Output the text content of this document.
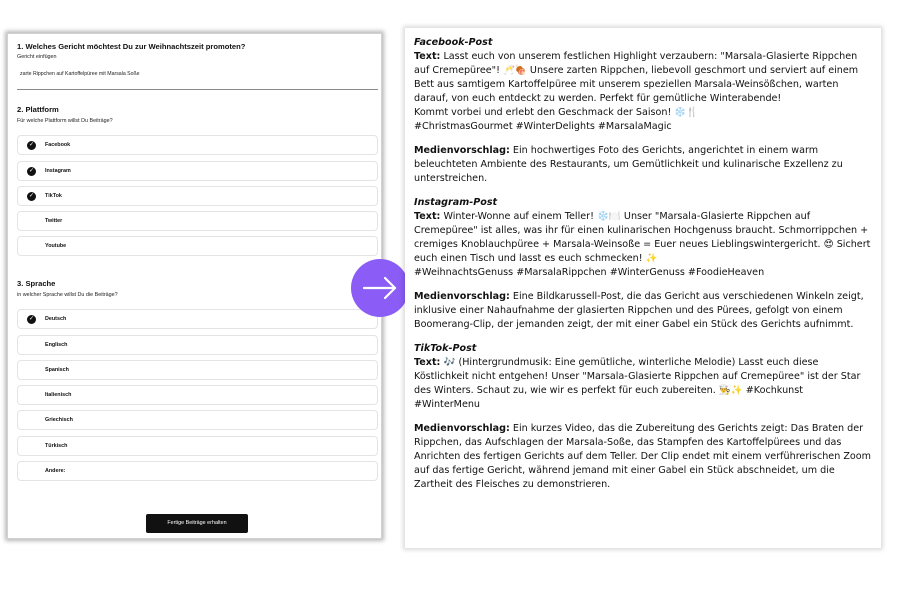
1. Welches Gericht möchtest Du zur Weihnachtszeit promoten?
Gericht einfügen
zarte Rippchen auf Kartoffelpüree mit Marsala Soße
2. Plattform
Für welche Plattform willst Du Beiträge?
✓	Facebook
✓	Instagram
✓	TikTok
Twitter
Youtube
3. Sprache
in welcher Sprache willst Du die Beiträge?
✓	Deutsch
Englisch
Spanisch
Italienisch
Griechisch
Türkisch
Andere:
Fertige Beiträge erhalten

Facebook-Post
Text: Lasst euch von unserem festlichen Highlight verzaubern: "Marsala-Glasierte Rippchen auf Cremepüree"! 🥂🍖 Unsere zarten Rippchen, liebevoll geschmort und serviert auf einem Bett aus samtigem Kartoffelpüree mit unserem speziellen Marsala-Weinsößchen, warten darauf, von euch entdeckt zu werden. Perfekt für gemütliche Winterabende!
Kommt vorbei und erlebt den Geschmack der Saison! ❄️🍴
#ChristmasGourmet #WinterDelights #MarsalaMagic

Medienvorschlag: Ein hochwertiges Foto des Gerichts, angerichtet in einem warm beleuchteten Ambiente des Restaurants, um Gemütlichkeit und kulinarische Exzellenz zu unterstreichen.

Instagram-Post
Text: Winter-Wonne auf einem Teller! ❄️🍽️ Unser "Marsala-Glasierte Rippchen auf Cremepüree" ist alles, was ihr für einen kulinarischen Hochgenuss braucht. Schmorrippchen + cremiges Knoblauchpüree + Marsala-Weinsoße = Euer neues Lieblingswintergericht. 😍 Sichert euch einen Tisch und lasst es euch schmecken! ✨
#WeihnachtsGenuss #MarsalaRippchen #WinterGenuss #FoodieHeaven

Medienvorschlag: Eine Bildkarussell-Post, die das Gericht aus verschiedenen Winkeln zeigt, inklusive einer Nahaufnahme der glasierten Rippchen und des Pürees, gefolgt von einem Boomerang-Clip, der jemanden zeigt, der mit einer Gabel ein Stück des Gerichts aufnimmt.

TikTok-Post
Text: 🎶 (Hintergrundmusik: Eine gemütliche, winterliche Melodie) Lasst euch diese Köstlichkeit nicht entgehen! Unser "Marsala-Glasierte Rippchen auf Cremepüree" ist der Star des Winters. Schaut zu, wie wir es perfekt für euch zubereiten. 👨‍🍳✨ #Kochkunst #WinterMenu

Medienvorschlag: Ein kurzes Video, das die Zubereitung des Gerichts zeigt: Das Braten der Rippchen, das Aufschlagen der Marsala-Soße, das Stampfen des Kartoffelpürees und das Anrichten des fertigen Gerichts auf dem Teller. Der Clip endet mit einem verführerischen Zoom auf das fertige Gericht, während jemand mit einer Gabel ein Stück abschneidet, um die Zartheit des Fleisches zu demonstrieren.
